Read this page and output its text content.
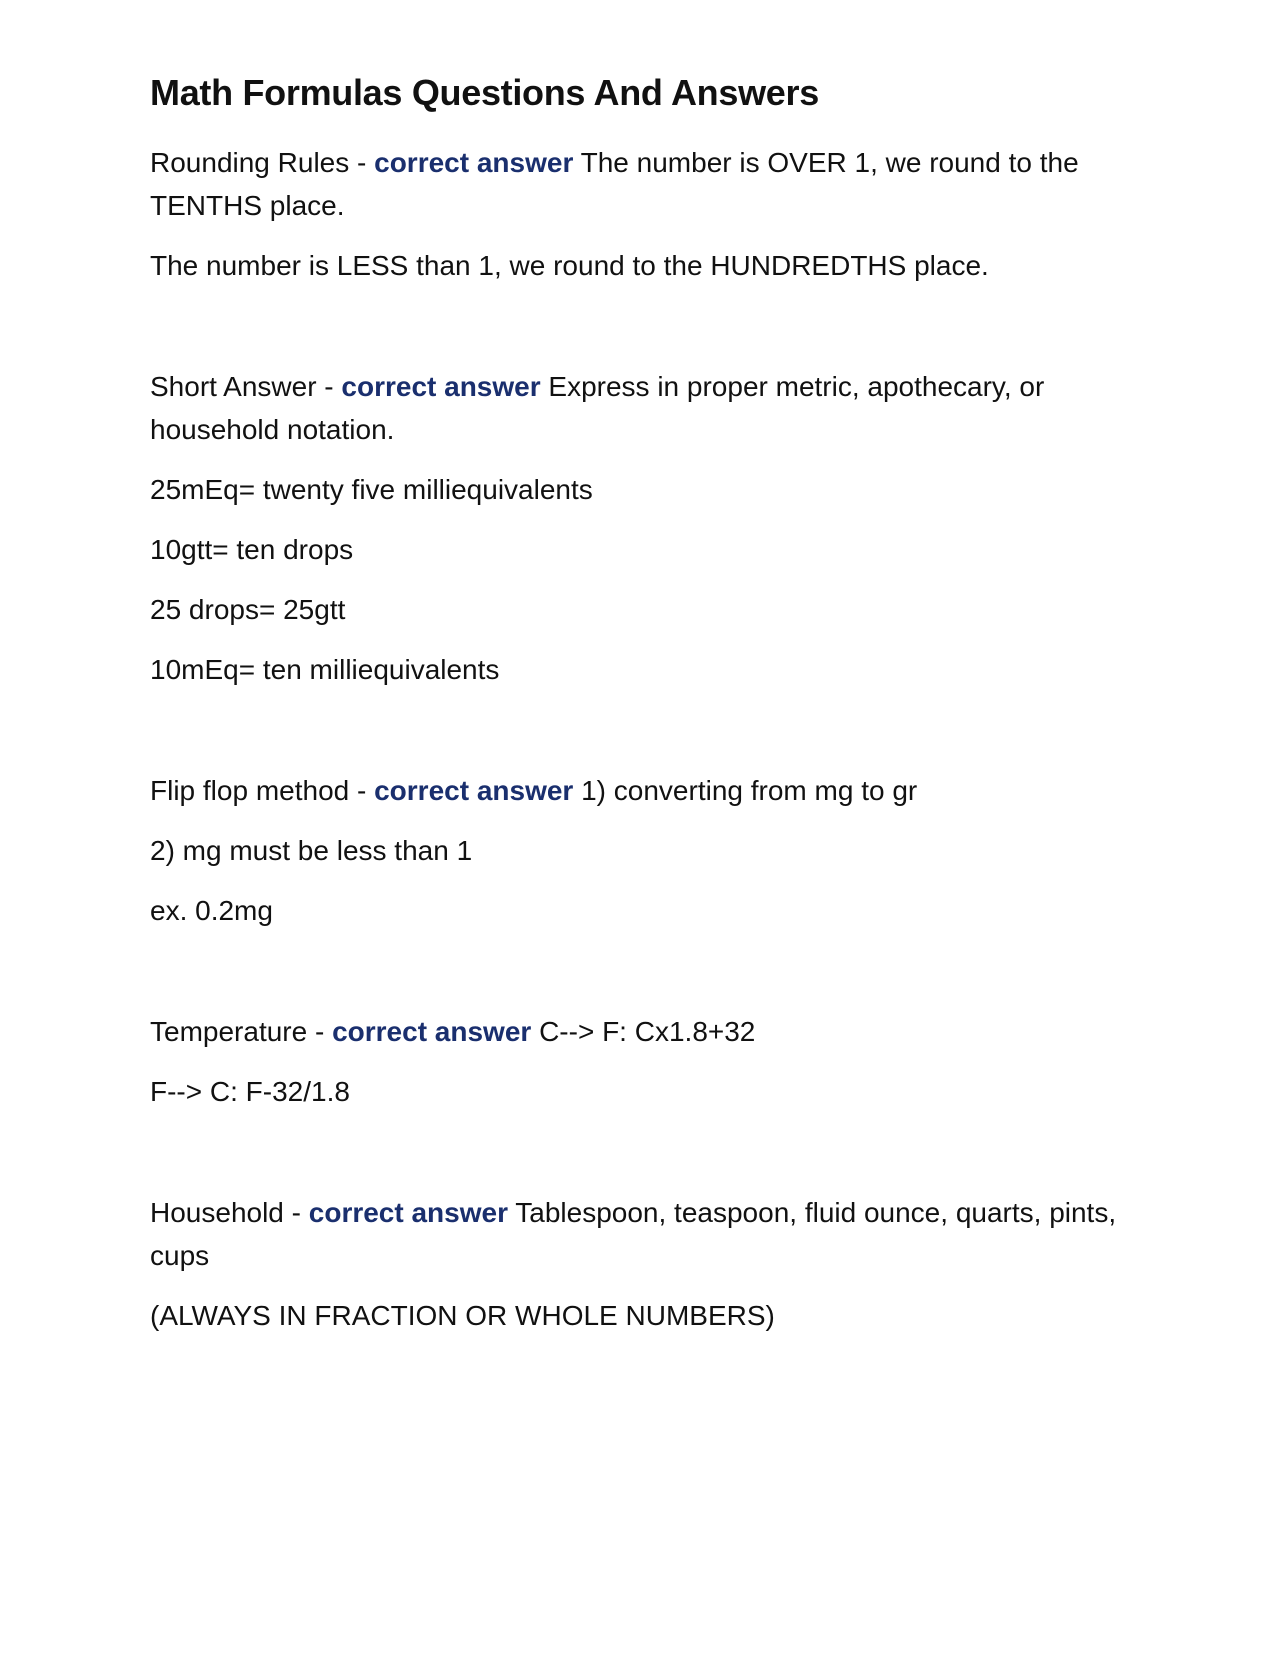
Math Formulas Questions And Answers

Rounding Rules - correct answer The number is OVER 1, we round to the TENTHS place.

The number is LESS than 1, we round to the HUNDREDTHS place.

Short Answer - correct answer Express in proper metric, apothecary, or household notation.

25mEq= twenty five milliequivalents

10gtt= ten drops

25 drops= 25gtt

10mEq= ten milliequivalents

Flip flop method - correct answer 1) converting from mg to gr

2) mg must be less than 1

ex. 0.2mg

Temperature - correct answer C--> F: Cx1.8+32

F--> C: F-32/1.8

Household - correct answer Tablespoon, teaspoon, fluid ounce, quarts, pints, cups

(ALWAYS IN FRACTION OR WHOLE NUMBERS)
